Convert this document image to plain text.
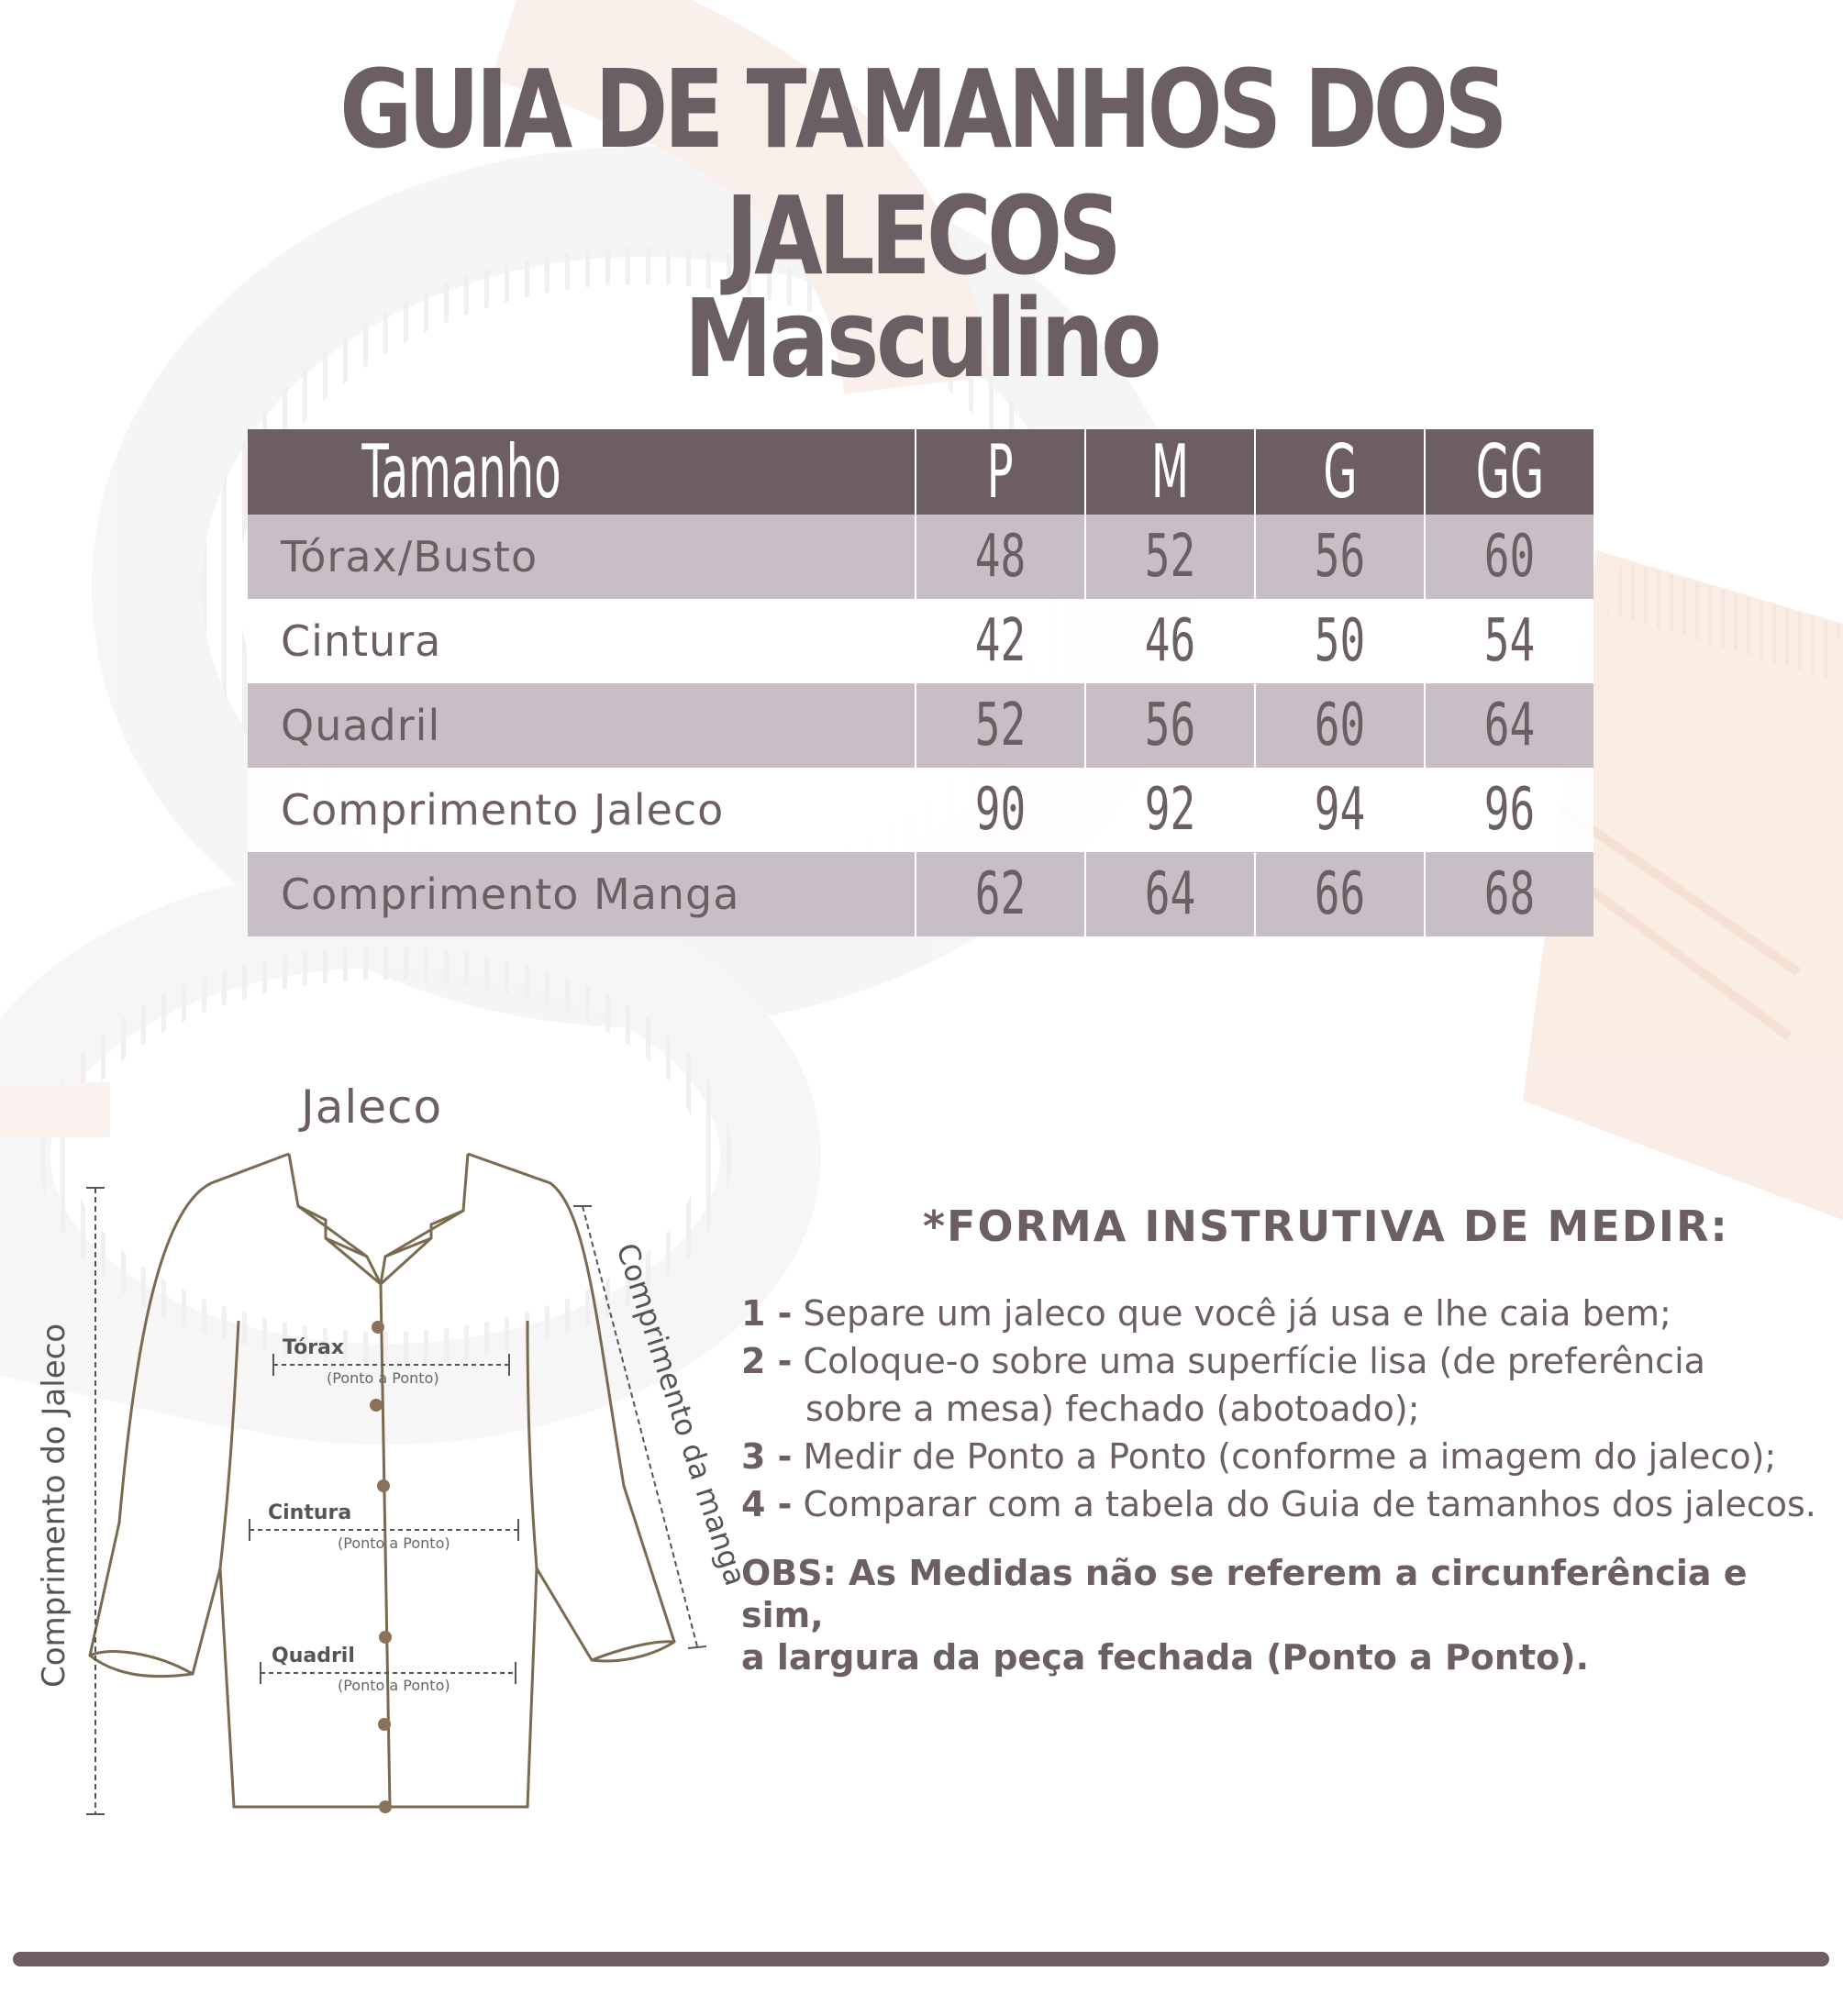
GUIA DE TAMANHOS DOS JALECOS
Masculino
Tamanho	P	M	G	GG
Tórax/Busto	48	52	56	60
Cintura	42	46	50	54
Quadril	52	56	60	64
Comprimento Jaleco	90	92	94	96
Comprimento Manga	62	64	66	68
Jaleco
Tórax
(Ponto a Ponto)
Cintura
(Ponto a Ponto)
Quadril
(Ponto a Ponto)
Comprimento do Jaleco	Comprimento da manga
*FORMA INSTRUTIVA DE MEDIR:
1 - Separe um jaleco que você já usa e lhe caia bem;
2 - Coloque-o sobre uma superfície lisa (de preferência
sobre a mesa) fechado (abotoado);
3 - Medir de Ponto a Ponto (conforme a imagem do jaleco);
4 - Comparar com a tabela do Guia de tamanhos dos jalecos.
OBS: As Medidas não se referem a circunferência e sim,
a largura da peça fechada (Ponto a Ponto).
